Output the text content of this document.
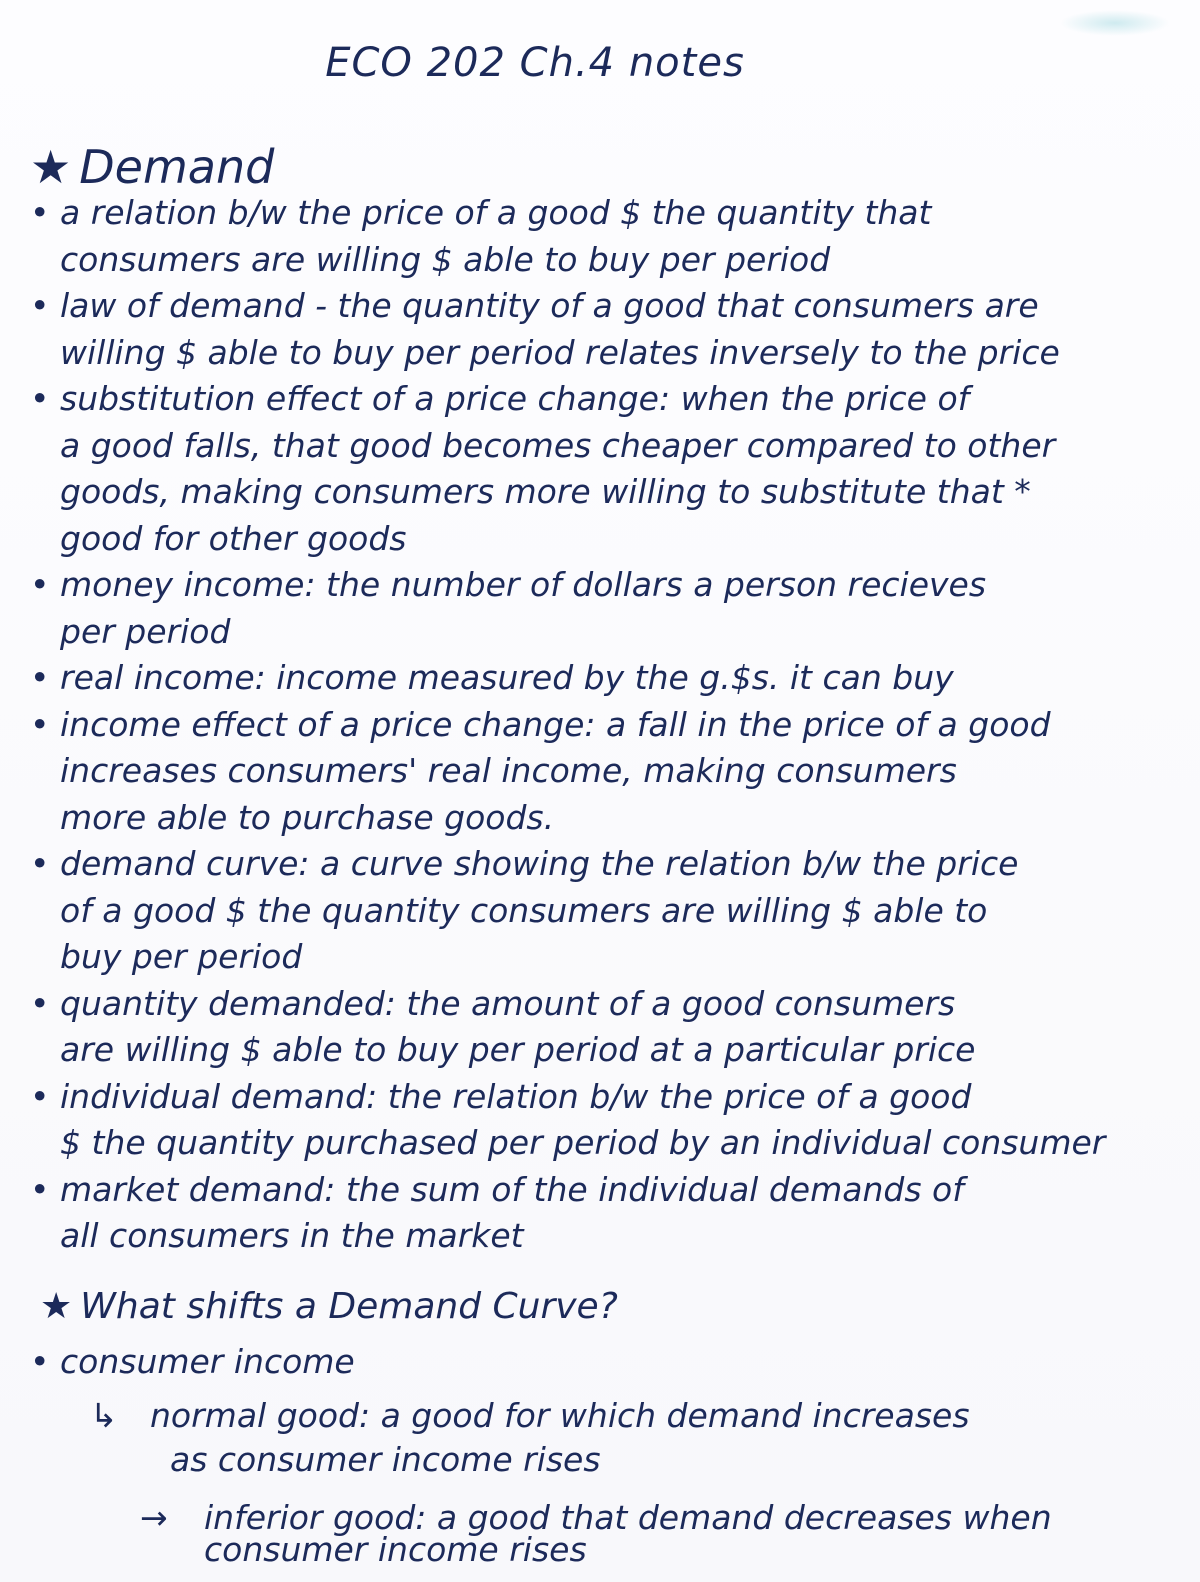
ECO 202 Ch.4 notes
★ Demand
• a relation b/w the price of a good $ the quantity that
consumers are willing $ able to buy per period
• law of demand - the quantity of a good that consumers are
willing $ able to buy per period relates inversely to the price
• substitution effect of a price change: when the price of
a good falls, that good becomes cheaper compared to other
goods, making consumers more willing to substitute that *
good for other goods
• money income: the number of dollars a person recieves
per period
• real income: income measured by the g.$s. it can buy
• income effect of a price change: a fall in the price of a good
increases consumers' real income, making consumers
more able to purchase goods.
• demand curve: a curve showing the relation b/w the price
of a good $ the quantity consumers are willing $ able to
buy per period
• quantity demanded: the amount of a good consumers
are willing $ able to buy per period at a particular price
• individual demand: the relation b/w the price of a good
$ the quantity purchased per period by an individual consumer
• market demand: the sum of the individual demands of
all consumers in the market
★ What shifts a Demand Curve?
• consumer income
↳ normal good: a good for which demand increases
as consumer income rises
→ inferior good: a good that demand decreases when
consumer income rises
